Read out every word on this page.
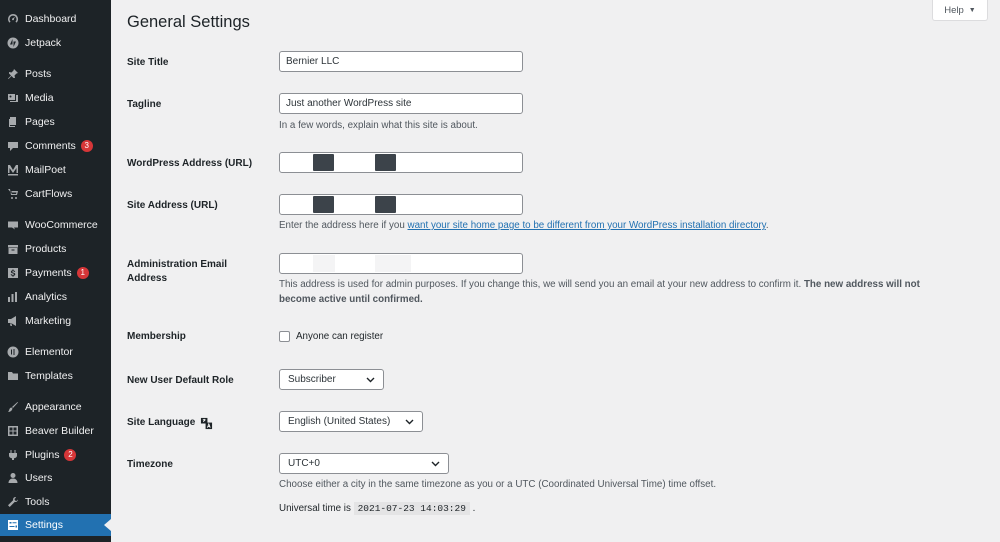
Dashboard
Jetpack
Posts
Media
Pages
Comments	3
MailPoet
CartFlows
WooCommerce
Products
Payments	1
Analytics
Marketing
Elementor
Templates
Appearance
Beaver Builder
Plugins	2
Users
Tools
Settings
Help ▼
General Settings
Site Title	Bernier LLC
Tagline	Just another WordPress site
In a few words, explain what this site is about.
WordPress Address (URL)
Site Address (URL)
Enter the address here if you want your site home page to be different from your WordPress installation directory.
Administration Email
Address
This address is used for admin purposes. If you change this, we will send you an email at your new address to confirm it. The new address will not
become active until confirmed.
Membership	Anyone can register
New User Default Role	Subscriber
Site Language	English (United States)
Timezone	UTC+0
Choose either a city in the same timezone as you or a UTC (Coordinated Universal Time) time offset.
Universal time is 2021-07-23 14:03:29 .
